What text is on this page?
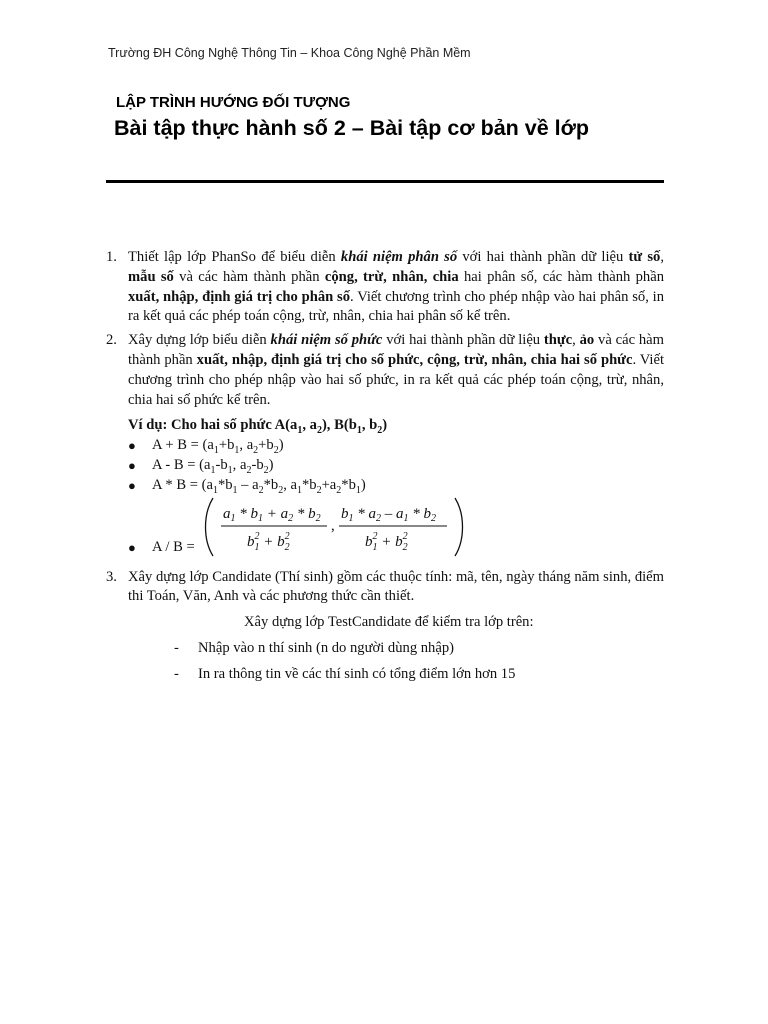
Trường ĐH Công Nghệ Thông Tin – Khoa Công Nghệ Phần Mềm
LẬP TRÌNH HƯỚNG ĐỐI TƯỢNG
Bài tập thực hành số 2 – Bài tập cơ bản về lớp
1. Thiết lập lớp PhanSo để biểu diễn khái niệm phân số với hai thành phần dữ liệu tử số, mẫu số và các hàm thành phần cộng, trừ, nhân, chia hai phân số, các hàm thành phần xuất, nhập, định giá trị cho phân số. Viết chương trình cho phép nhập vào hai phân số, in ra kết quả các phép toán cộng, trừ, nhân, chia hai phân số kể trên.
2. Xây dựng lớp biểu diễn khái niệm số phức với hai thành phần dữ liệu thực, ảo và các hàm thành phần xuất, nhập, định giá trị cho số phức, cộng, trừ, nhân, chia hai số phức. Viết chương trình cho phép nhập vào hai số phức, in ra kết quả các phép toán cộng, trừ, nhân, chia hai số phức kể trên.
Ví dụ: Cho hai số phức $A(a_1$, $a_2$), $B(b_1$, $b_2$)
●	$A + B = (a_1+b_1$, $a_2+b_2$)
●	$A - B = (a_1-b_1$, $a_2-b_2$)
●	$A * B = (a_1*b_1 - a_2*b_2$, $a_1*b_2+a_2*b_1$)
●	A / B =
$a_1 * b_1 + a_2 * b_2$
$b^2$ $1 + b^2$ 2
,
$b_1 * a_2 - a_1 * b_2$
$b^2$ $1 + b^2$ 2
3. Xây dựng lớp Candidate (Thí sinh) gồm các thuộc tính: mã, tên, ngày tháng năm sinh, điểm thi Toán, Văn, Anh và các phương thức cần thiết.
Xây dựng lớp TestCandidate để kiểm tra lớp trên:
-	Nhập vào n thí sinh (n do người dùng nhập)
-	In ra thông tin về các thí sinh có tổng điểm lớn hơn 15
